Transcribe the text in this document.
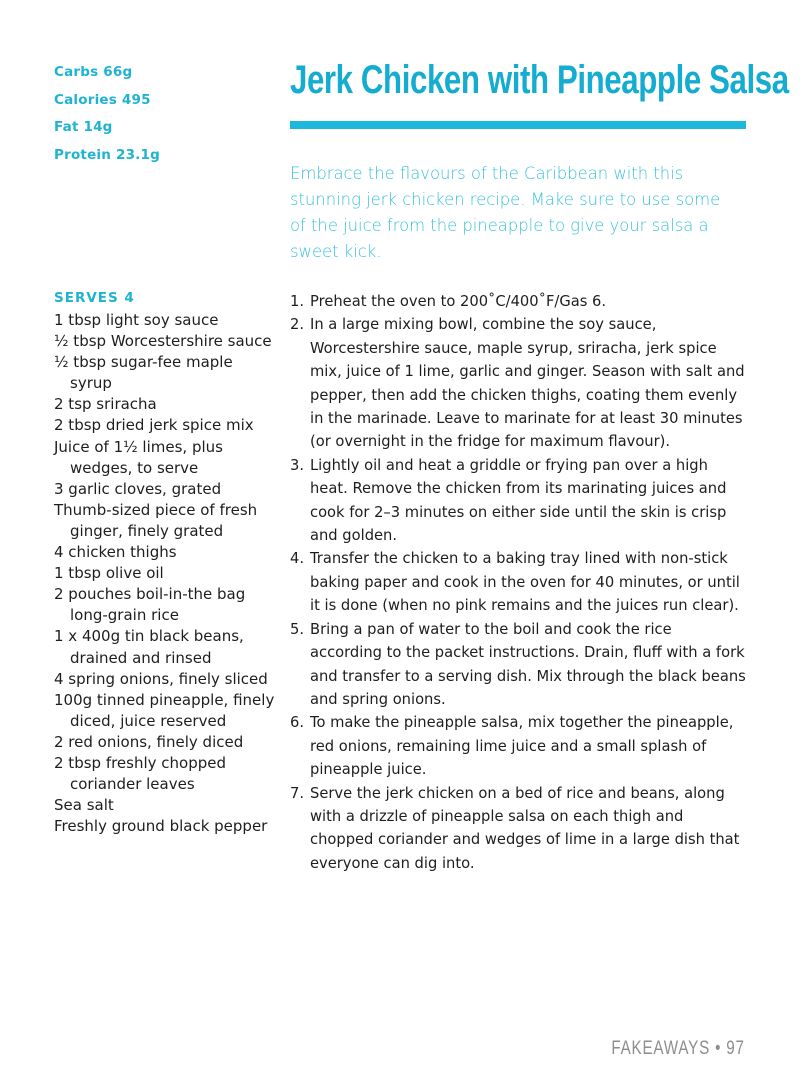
Carbs 66g
Calories 495
Fat 14g
Protein 23.1g
Jerk Chicken with Pineapple Salsa
Embrace the flavours of the Caribbean with this stunning jerk chicken recipe. Make sure to use some of the juice from the pineapple to give your salsa a sweet kick.
SERVES 4
1 tbsp light soy sauce
½ tbsp Worcestershire sauce
½ tbsp sugar-fee maple syrup
2 tsp sriracha
2 tbsp dried jerk spice mix
Juice of 1½ limes, plus wedges, to serve
3 garlic cloves, grated
Thumb-sized piece of fresh ginger, finely grated
4 chicken thighs
1 tbsp olive oil
2 pouches boil-in-the bag long-grain rice
1 x 400g tin black beans, drained and rinsed
4 spring onions, finely sliced
100g tinned pineapple, finely diced, juice reserved
2 red onions, finely diced
2 tbsp freshly chopped coriander leaves
Sea salt
Freshly ground black pepper
1. Preheat the oven to 200˚C/400˚F/Gas 6.
2. In a large mixing bowl, combine the soy sauce, Worcestershire sauce, maple syrup, sriracha, jerk spice mix, juice of 1 lime, garlic and ginger. Season with salt and pepper, then add the chicken thighs, coating them evenly in the marinade. Leave to marinate for at least 30 minutes (or overnight in the fridge for maximum flavour).
3. Lightly oil and heat a griddle or frying pan over a high heat. Remove the chicken from its marinating juices and cook for 2–3 minutes on either side until the skin is crisp and golden.
4. Transfer the chicken to a baking tray lined with non-stick baking paper and cook in the oven for 40 minutes, or until it is done (when no pink remains and the juices run clear).
5. Bring a pan of water to the boil and cook the rice according to the packet instructions. Drain, fluff with a fork and transfer to a serving dish. Mix through the black beans and spring onions.
6. To make the pineapple salsa, mix together the pineapple, red onions, remaining lime juice and a small splash of pineapple juice.
7. Serve the jerk chicken on a bed of rice and beans, along with a drizzle of pineapple salsa on each thigh and chopped coriander and wedges of lime in a large dish that everyone can dig into.
FAKEAWAYS • 97
